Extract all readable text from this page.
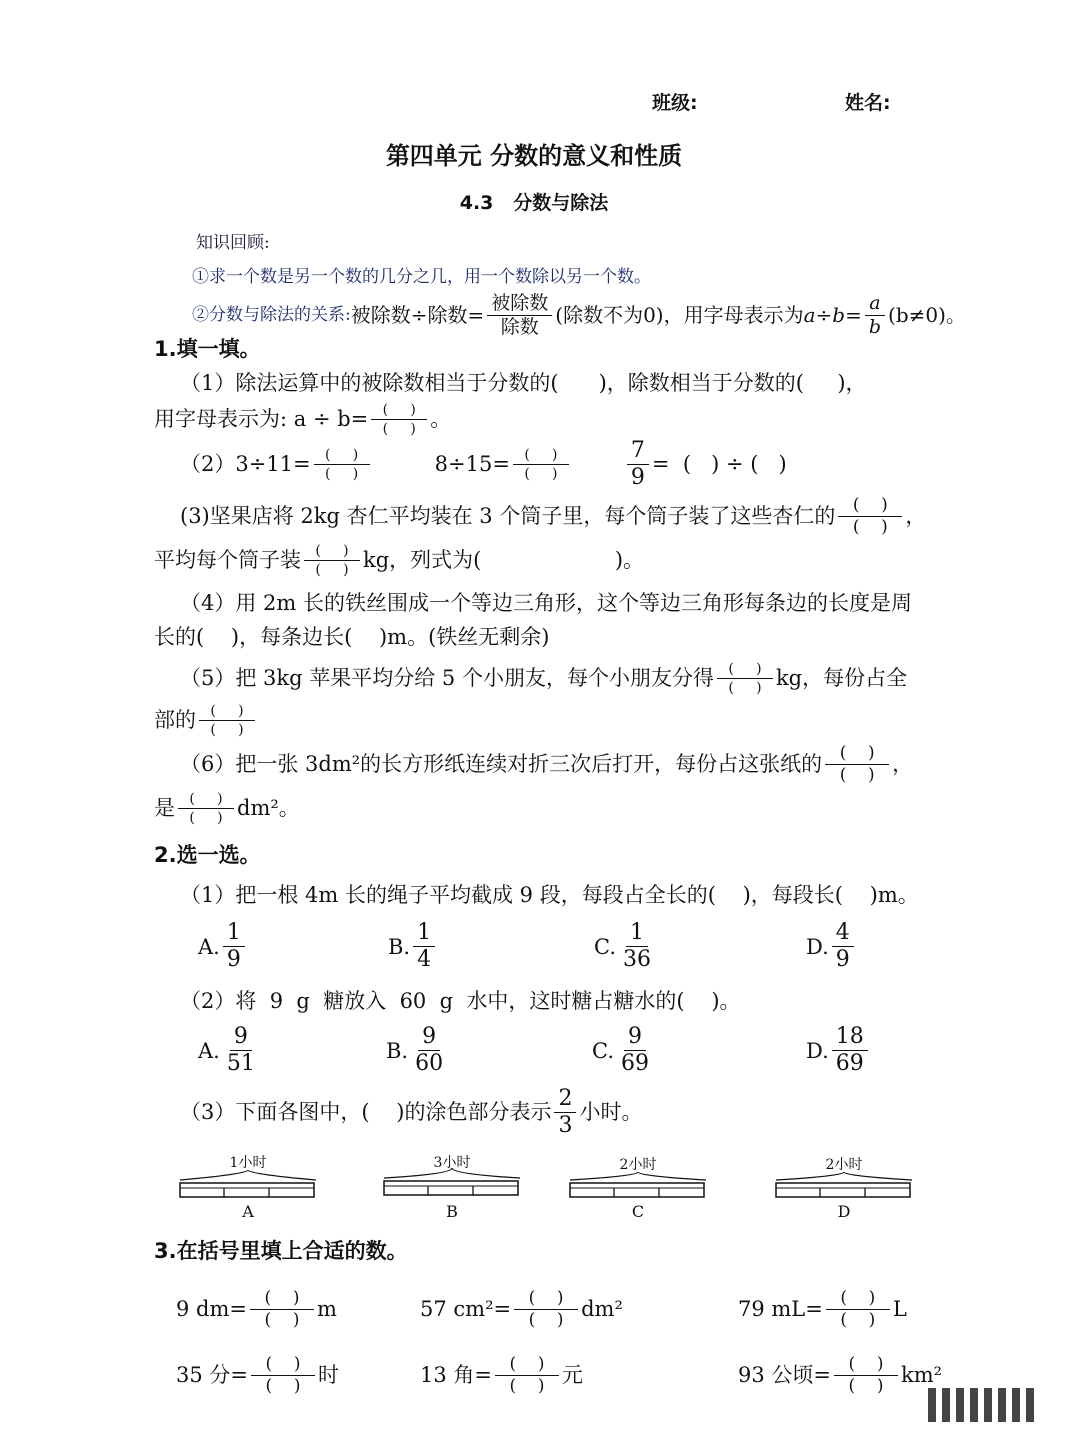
班级:	姓名:
第四单元 分数的意义和性质
4.3   分数与除法
知识回顾:
①求一个数是另一个数的几分之几，用一个数除以另一个数。
②分数与除法的关系: 被除数÷除数= $\frac{\text{被除数}}{\text{除数}}$ (除数不为0)，用字母表示为 $a\div b= \frac{a}{b} (b\ne 0)$。
1.填一填。
（1）除法运算中的被除数相当于分数的(      )，除数相当于分数的(     )，
用字母表示为: $a \div b= \frac{( )}{( )}$ 。
$(2)3\div 11= \frac{( )}{( )}$	$8\div 15= \frac{( )}{( )}$	$\frac{7}{9}$ =  (   ) ÷ (   )
(3)坚果店将 2kg 杏仁平均装在 3 个筒子里，每个筒子装了这些杏仁的 $\frac{( )}{( )}$ ，
平均每个筒子装 $\frac{( )}{( )}$ kg，列式为(                    )。
（4）用 2m 长的铁丝围成一个等边三角形，这个等边三角形每条边的长度是周
长的(    )，每条边长(    )m。(铁丝无剩余)
（5）把 3kg 苹果平均分给 5 个小朋友，每个小朋友分得 $\frac{( )}{( )}$ kg，每份占全
部的 $\frac{( )}{( )}$
（6）把一张 3dm²的长方形纸连续对折三次后打开，每份占这张纸的 $\frac{( )}{( )}$ ，
是 $\frac{( )}{( )} dm^2$。
2.选一选。
（1）把一根 4m 长的绳子平均截成 9 段，每段占全长的(    )，每段长(    )m。
A. $\frac{1}{9}$	B. $\frac{1}{4}$	C. $\frac{1}{36}$	D. $\frac{4}{9}$
（2）将  9  g  糖放入  60  g  水中，这时糖占糖水的(    )。
A. $\frac{9}{51}$	B. $\frac{9}{60}$	C. $\frac{9}{69}$	D. $\frac{18}{69}$
（3）下面各图中，(    )的涂色部分表示 $\frac{2}{3}$ 小时。
1小时
A
3小时
B
2小时
C
2小时
D
3.在括号里填上合适的数。
9 $dm= \frac{( )}{( )}$ m	57 $cm^2= \frac{( )}{( )} dm^2$	79 $mL= \frac{( )}{( )}$ L
35 分= $\frac{( )}{( )}$ 时	13 角= $\frac{( )}{( )}$ 元	93 公顷= $\frac{( )}{( )} km^2$
